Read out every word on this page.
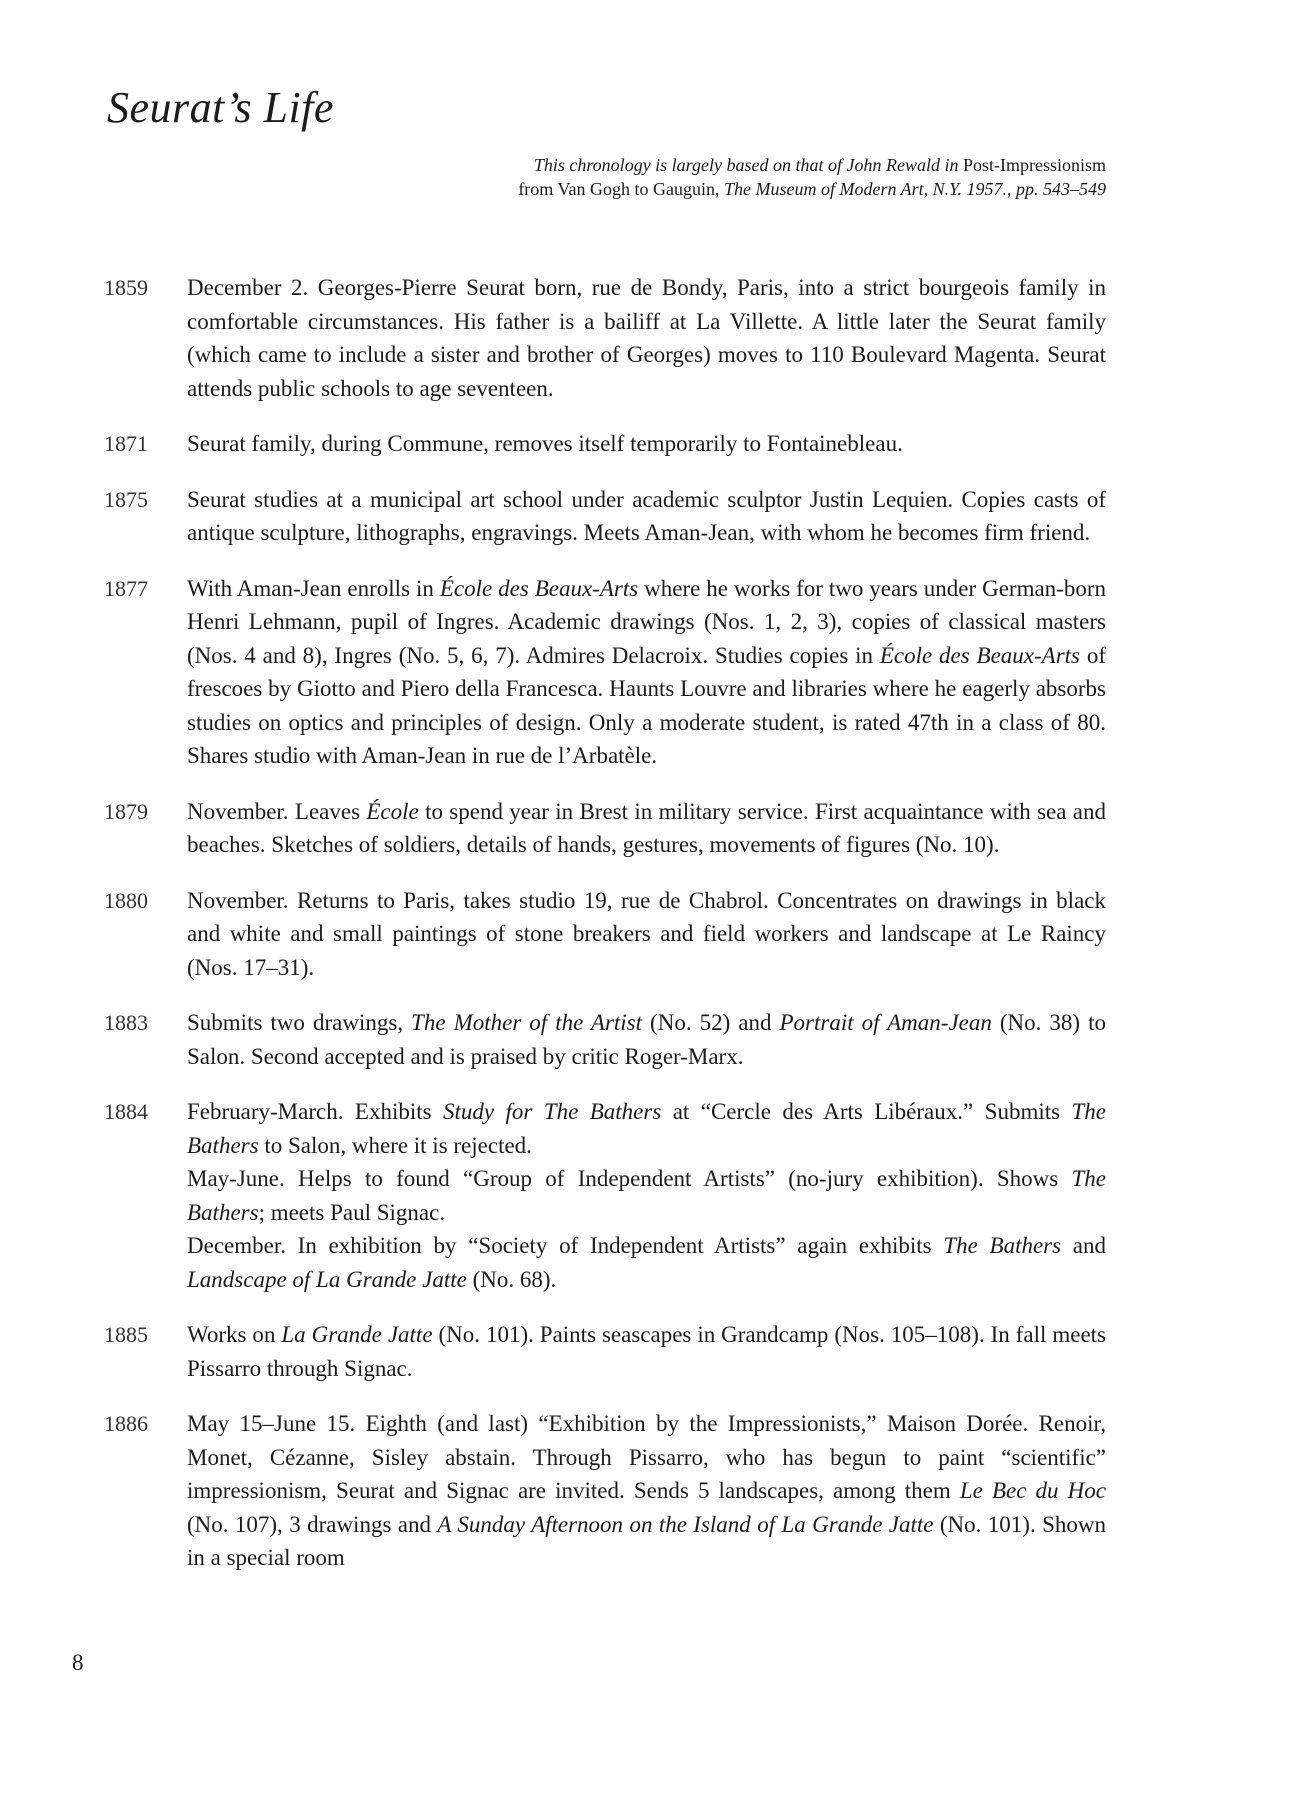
Seurat’s Life
This chronology is largely based on that of John Rewald in Post-Impressionism
from Van Gogh to Gauguin, The Museum of Modern Art, N.Y. 1957., pp. 543–549
1859	December 2. Georges-Pierre Seurat born, rue de Bondy, Paris, into a strict bourgeois family in comfortable circumstances. His father is a bailiff at La Villette. A little later the Seurat family (which came to include a sister and brother of Georges) moves to 110 Boulevard Magenta. Seurat attends public schools to age seventeen.
1871	Seurat family, during Commune, removes itself temporarily to Fontainebleau.
1875	Seurat studies at a municipal art school under academic sculptor Justin Lequien. Copies casts of antique sculpture, lithographs, engravings. Meets Aman-Jean, with whom he becomes firm friend.
1877	With Aman-Jean enrolls in École des Beaux-Arts where he works for two years under German-born Henri Lehmann, pupil of Ingres. Academic drawings (Nos. 1, 2, 3), copies of classical masters (Nos. 4 and 8), Ingres (No. 5, 6, 7). Admires Delacroix. Studies copies in École des Beaux-Arts of frescoes by Giotto and Piero della Francesca. Haunts Louvre and libraries where he eagerly absorbs studies on optics and principles of design. Only a moderate student, is rated 47th in a class of 80. Shares studio with Aman-Jean in rue de l’Arbatèle.
1879	November. Leaves École to spend year in Brest in military service. First acquaintance with sea and beaches. Sketches of soldiers, details of hands, gestures, movements of figures (No. 10).
1880	November. Returns to Paris, takes studio 19, rue de Chabrol. Concentrates on drawings in black and white and small paintings of stone breakers and field workers and landscape at Le Raincy (Nos. 17–31).
1883	Submits two drawings, The Mother of the Artist (No. 52) and Portrait of Aman-Jean (No. 38) to Salon. Second accepted and is praised by critic Roger-Marx.
1884	February-March. Exhibits Study for The Bathers at “Cercle des Arts Libéraux.” Submits The Bathers to Salon, where it is rejected.
May-June. Helps to found “Group of Independent Artists” (no-jury exhibition). Shows The Bathers; meets Paul Signac.
December. In exhibition by “Society of Independent Artists” again exhibits The Bathers and Landscape of La Grande Jatte (No. 68).
1885	Works on La Grande Jatte (No. 101). Paints seascapes in Grandcamp (Nos. 105–108). In fall meets Pissarro through Signac.
1886	May 15–June 15. Eighth (and last) “Exhibition by the Impressionists,” Maison Dorée. Renoir, Monet, Cézanne, Sisley abstain. Through Pissarro, who has begun to paint “scientific” impressionism, Seurat and Signac are invited. Sends 5 landscapes, among them Le Bec du Hoc (No. 107), 3 drawings and A Sunday Afternoon on the Island of La Grande Jatte (No. 101). Shown in a special room
8
